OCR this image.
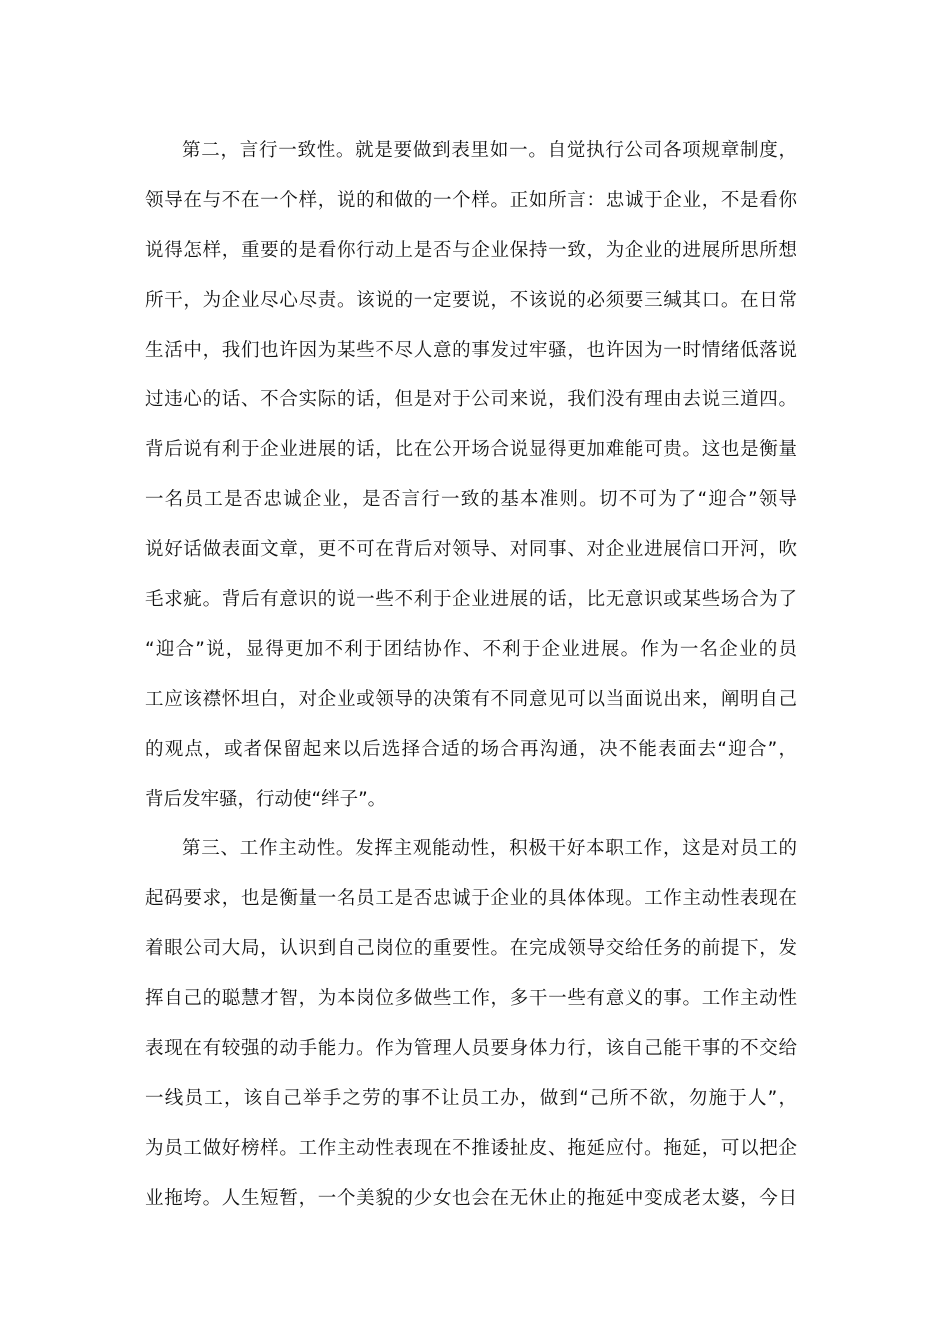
第二，言行一致性。就是要做到表里如一。自觉执行公司各项规章制度，
领导在与不在一个样，说的和做的一个样。正如所言：忠诚于企业，不是看你
说得怎样，重要的是看你行动上是否与企业保持一致，为企业的进展所思所想
所干，为企业尽心尽责。该说的一定要说，不该说的必须要三缄其口。在日常
生活中，我们也许因为某些不尽人意的事发过牢骚，也许因为一时情绪低落说
过违心的话、不合实际的话，但是对于公司来说，我们没有理由去说三道四。
背后说有利于企业进展的话，比在公开场合说显得更加难能可贵。这也是衡量
一名员工是否忠诚企业，是否言行一致的基本准则。切不可为了“迎合”领导
说好话做表面文章，更不可在背后对领导、对同事、对企业进展信口开河，吹
毛求疵。背后有意识的说一些不利于企业进展的话，比无意识或某些场合为了
“迎合”说，显得更加不利于团结协作、不利于企业进展。作为一名企业的员
工应该襟怀坦白，对企业或领导的决策有不同意见可以当面说出来，阐明自己
的观点，或者保留起来以后选择合适的场合再沟通，决不能表面去“迎合”，
背后发牢骚，行动使“绊子”。
第三、工作主动性。发挥主观能动性，积极干好本职工作，这是对员工的
起码要求，也是衡量一名员工是否忠诚于企业的具体体现。工作主动性表现在
着眼公司大局，认识到自己岗位的重要性。在完成领导交给任务的前提下，发
挥自己的聪慧才智，为本岗位多做些工作，多干一些有意义的事。工作主动性
表现在有较强的动手能力。作为管理人员要身体力行，该自己能干事的不交给
一线员工，该自己举手之劳的事不让员工办，做到“己所不欲，勿施于人”，
为员工做好榜样。工作主动性表现在不推诿扯皮、拖延应付。拖延，可以把企
业拖垮。人生短暂，一个美貌的少女也会在无休止的拖延中变成老太婆，今日
